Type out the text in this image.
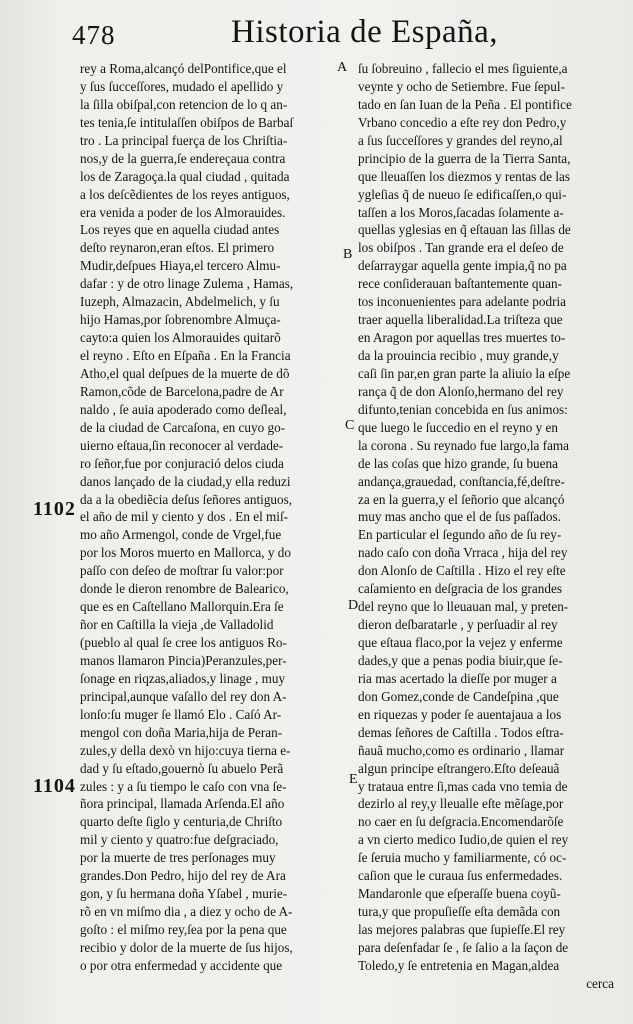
478	Historia de España,
1102
1104
A
B
C
D
E
rey a Roma,alcançó delPontifice,que el
y ſus ſucceſſores, mudado el apellido y
la ſilla obiſpal,con retencion de lo q an-
tes tenia,ſe intitulaſſen obiſpos de Barbaſ
tro . La principal fuerça de los Chriſtia-
nos,y de la guerra,ſe endereçaua contra
los de Zaragoça.la qual ciudad , quitada
a los deſcẽdientes de los reyes antiguos,
era venida a poder de los Almorauides.
Los reyes que en aquella ciudad antes
deſto reynaron,eran eſtos. El primero
Mudir,deſpues Hiaya,el tercero Almu-
dafar : y de otro linage Zulema , Hamas,
Iuzeph, Almazacin, Abdelmelich, y ſu
hijo Hamas,por ſobrenombre Almuça-
cayto:a quien los Almorauides quitarõ
el reyno . Eſto en Eſpaña . En la Francia
Atho,el qual deſpues de la muerte de dõ
Ramon,cõde de Barcelona,padre de Ar
naldo , ſe auia apoderado como deſleal,
de la ciudad de Carcaſona, en cuyo go-
uierno eſtaua,ſin reconocer al verdade-
ro ſeñor,fue por conjuració delos ciuda
danos lançado de la ciudad,y ella reduzi
da a la obediẽcia deſus ſeñores antiguos,
el año de mil y ciento y dos . En el miſ-
mo año Armengol, conde de Vrgel,fue
por los Moros muerto en Mallorca, y do
paſſo con deſeo de moſtrar ſu valor:por
donde le dieron renombre de Balearico,
que es en Caſtellano Mallorquin.Era ſe
ñor en Caſtilla la vieja ,de Valladolid
(pueblo al qual ſe cree los antiguos Ro-
manos llamaron Pincia)Peranzules,per-
ſonage en riqzas,aliados,y linage , muy
principal,aunque vaſallo del rey don A-
lonſo:ſu muger ſe llamó Elo . Caſó Ar-
mengol con doña Maria,hija de Peran-
zules,y della dexò vn hijo:cuya tierna e-
dad y ſu eſtado,gouernò ſu abuelo Perã
zules : y a ſu tiempo le caſo con vna ſe-
ñora principal, llamada Arſenda.El año
quarto deſte ſiglo y centuria,de Chriſto
mil y ciento y quatro:fue deſgraciado,
por la muerte de tres perſonages muy
grandes.Don Pedro, hijo del rey de Ara
gon, y ſu hermana doña Yſabel , murie-
rõ en vn miſmo dia , a diez y ocho de A-
goſto : el miſmo rey,ſea por la pena que
recibio y dolor de la muerte de ſus hijos,
o por otra enfermedad y accidente que
ſu ſobreuino , fallecio el mes ſiguiente,a
veynte y ocho de Setiembre. Fue ſepul-
tado en ſan Iuan de la Peña . El pontifice
Vrbano concedio a eſte rey don Pedro,y
a ſus ſucceſſores y grandes del reyno,al
principio de la guerra de la Tierra Santa,
que lleuaſſen los diezmos y rentas de las
ygleſias q̃ de nueuo ſe edificaſſen,o qui-
taſſen a los Moros,ſacadas ſolamente a-
quellas yglesias en q̃ eſtauan las ſillas de
los obiſpos . Tan grande era el deſeo de
deſarraygar aquella gente impia,q̃ no pa
rece conſiderauan baſtantemente quan-
tos inconuenientes para adelante podria
traer aquella liberalidad.La triſteza que
en Aragon por aquellas tres muertes to-
da la prouincia recibio , muy grande,y
caſi ſin par,en gran parte la aliuio la eſpe
rança q̃ de don Alonſo,hermano del rey
difunto,tenian concebida en ſus animos:
que luego le ſuccedio en el reyno y en
la corona . Su reynado fue largo,la fama
de las coſas que hizo grande, ſu buena
andança,grauedad, conſtancia,fé,deſtre-
za en la guerra,y el ſeñorio que alcançó
muy mas ancho que el de ſus paſſados.
En particular el ſegundo año de ſu rey-
nado caſo con doña Vrraca , hija del rey
don Alonſo de Caſtilla . Hizo el rey eſte
caſamiento en deſgracia de los grandes
del reyno que lo lleuauan mal, y preten-
dieron deſbaratarle , y perſuadir al rey
que eſtaua flaco,por la vejez y enferme
dades,y que a penas podia biuir,que ſe-
ria mas acertado la dieſſe por muger a
don Gomez,conde de Candeſpina ,que
en riquezas y poder ſe auentajaua a los
demas ſeñores de Caſtilla . Todos eſtra-
ñauã mucho,como es ordinario , llamar
algun principe eſtrangero.Eſto deſeauã
y trataua entre ſi,mas cada vno temia de
dezirlo al rey,y lleualle eſte mẽſage,por
no caer en ſu deſgracia.Encomendarõſe
a vn cierto medico Iudio,de quien el rey
ſe ſeruia mucho y familiarmente, có oc-
caſion que le curaua ſus enfermedades.
Mandaronle que eſperaſſe buena coyũ-
tura,y que propuſieſſe eſta demãda con
las mejores palabras que ſupieſſe.El rey
para deſenfadar ſe , ſe ſalio a la ſaçon de
Toledo,y ſe entretenia en Magan,aldea
cerca
